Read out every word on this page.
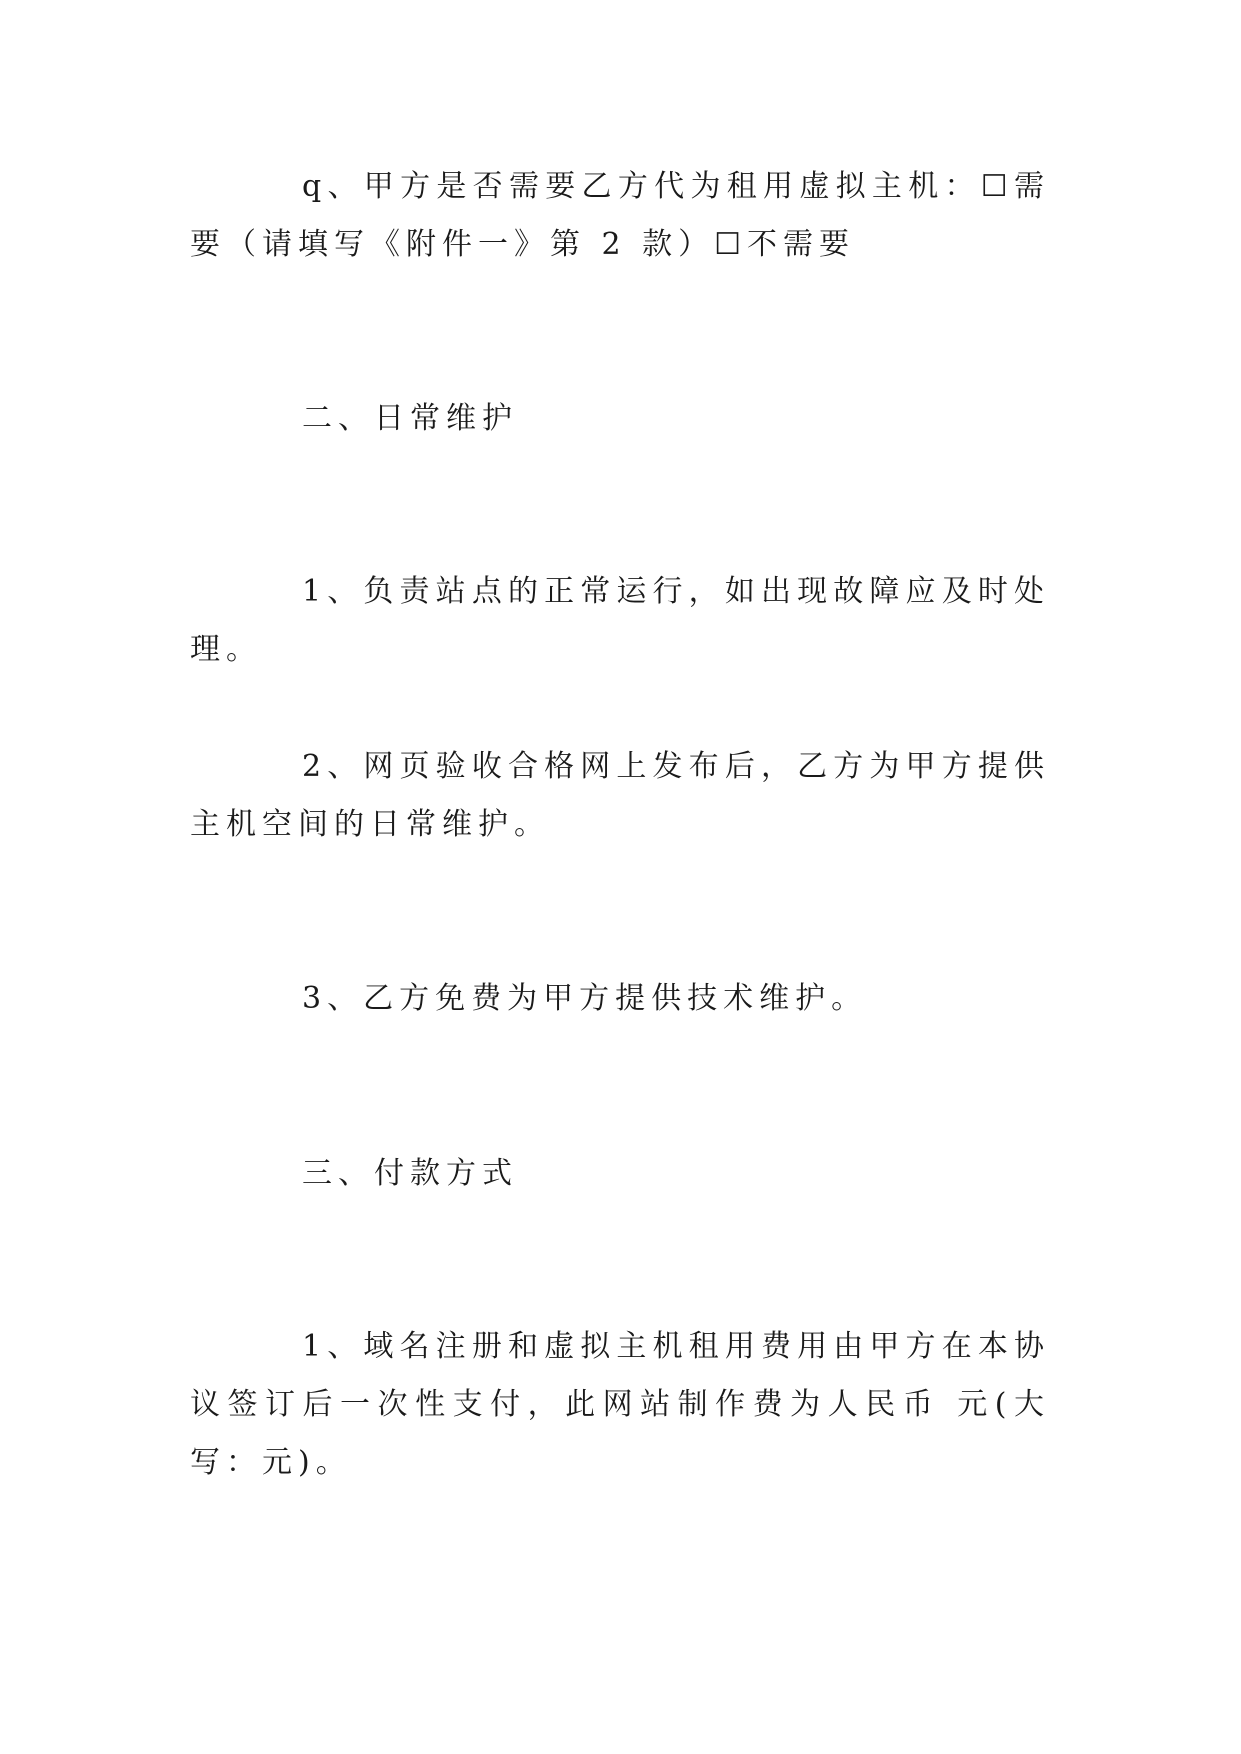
q、甲方是否需要乙方代为租用虚拟主机：☐需要（请填写《附件一》第 2 款）☐不需要
二、日常维护
1、负责站点的正常运行，如出现故障应及时处理。
2、网页验收合格网上发布后，乙方为甲方提供主机空间的日常维护。
3、乙方免费为甲方提供技术维护。
三、付款方式
1、域名注册和虚拟主机租用费用由甲方在本协议签订后一次性支付，此网站制作费为人民币 元(大写：元)。
